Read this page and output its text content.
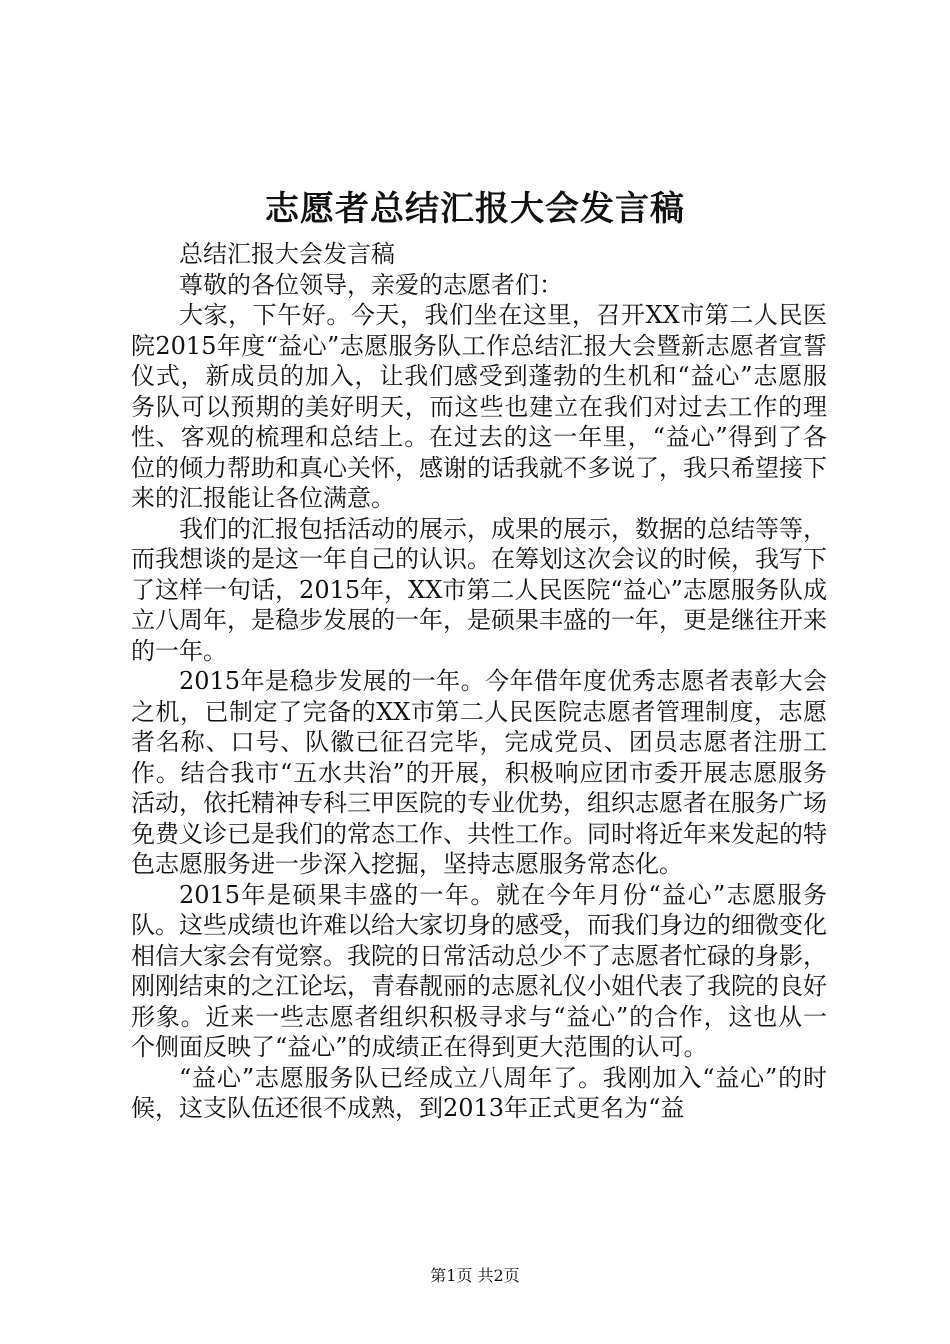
志愿者总结汇报大会发言稿

总结汇报大会发言稿

尊敬的各位领导，亲爱的志愿者们：

大家，下午好。今天，我们坐在这里，召开XX市第二人民医院2015年度“益心”志愿服务队工作总结汇报大会暨新志愿者宣誓仪式，新成员的加入，让我们感受到蓬勃的生机和“益心”志愿服务队可以预期的美好明天，而这些也建立在我们对过去工作的理性、客观的梳理和总结上。在过去的这一年里，“益心”得到了各位的倾力帮助和真心关怀，感谢的话我就不多说了，我只希望接下来的汇报能让各位满意。

我们的汇报包括活动的展示，成果的展示，数据的总结等等，而我想谈的是这一年自己的认识。在筹划这次会议的时候，我写下了这样一句话，2015年，XX市第二人民医院“益心”志愿服务队成立八周年，是稳步发展的一年，是硕果丰盛的一年，更是继往开来的一年。

2015年是稳步发展的一年。今年借年度优秀志愿者表彰大会之机，已制定了完备的XX市第二人民医院志愿者管理制度，志愿者名称、口号、队徽已征召完毕，完成党员、团员志愿者注册工作。结合我市“五水共治”的开展，积极响应团市委开展志愿服务活动，依托精神专科三甲医院的专业优势，组织志愿者在服务广场免费义诊已是我们的常态工作、共性工作。同时将近年来发起的特色志愿服务进一步深入挖掘，坚持志愿服务常态化。

2015年是硕果丰盛的一年。就在今年月份“益心”志愿服务队。这些成绩也许难以给大家切身的感受，而我们身边的细微变化相信大家会有觉察。我院的日常活动总少不了志愿者忙碌的身影，刚刚结束的之江论坛，青春靓丽的志愿礼仪小姐代表了我院的良好形象。近来一些志愿者组织积极寻求与“益心”的合作，这也从一个侧面反映了“益心”的成绩正在得到更大范围的认可。

“益心”志愿服务队已经成立八周年了。我刚加入“益心”的时候，这支队伍还很不成熟，到2013年正式更名为“益

第1页 共2页
